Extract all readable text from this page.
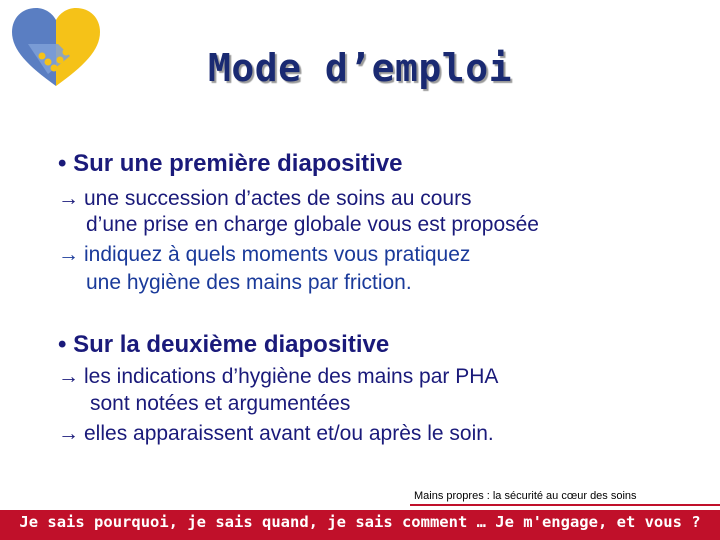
Mode d’emploi
• Sur une première diapositive
→ une succession d’actes de soins au cours
d’une prise en charge globale vous est proposée
→ indiquez à quels moments vous pratiquez
une hygiène des mains par friction.
• Sur la deuxième diapositive
→ les indications d’hygiène des mains par PHA
sont notées et argumentées
→ elles apparaissent avant et/ou après le soin.
Mains propres : la sécurité au cœur des soins
Je sais pourquoi, je sais quand, je sais comment … Je m'engage, et vous ?
